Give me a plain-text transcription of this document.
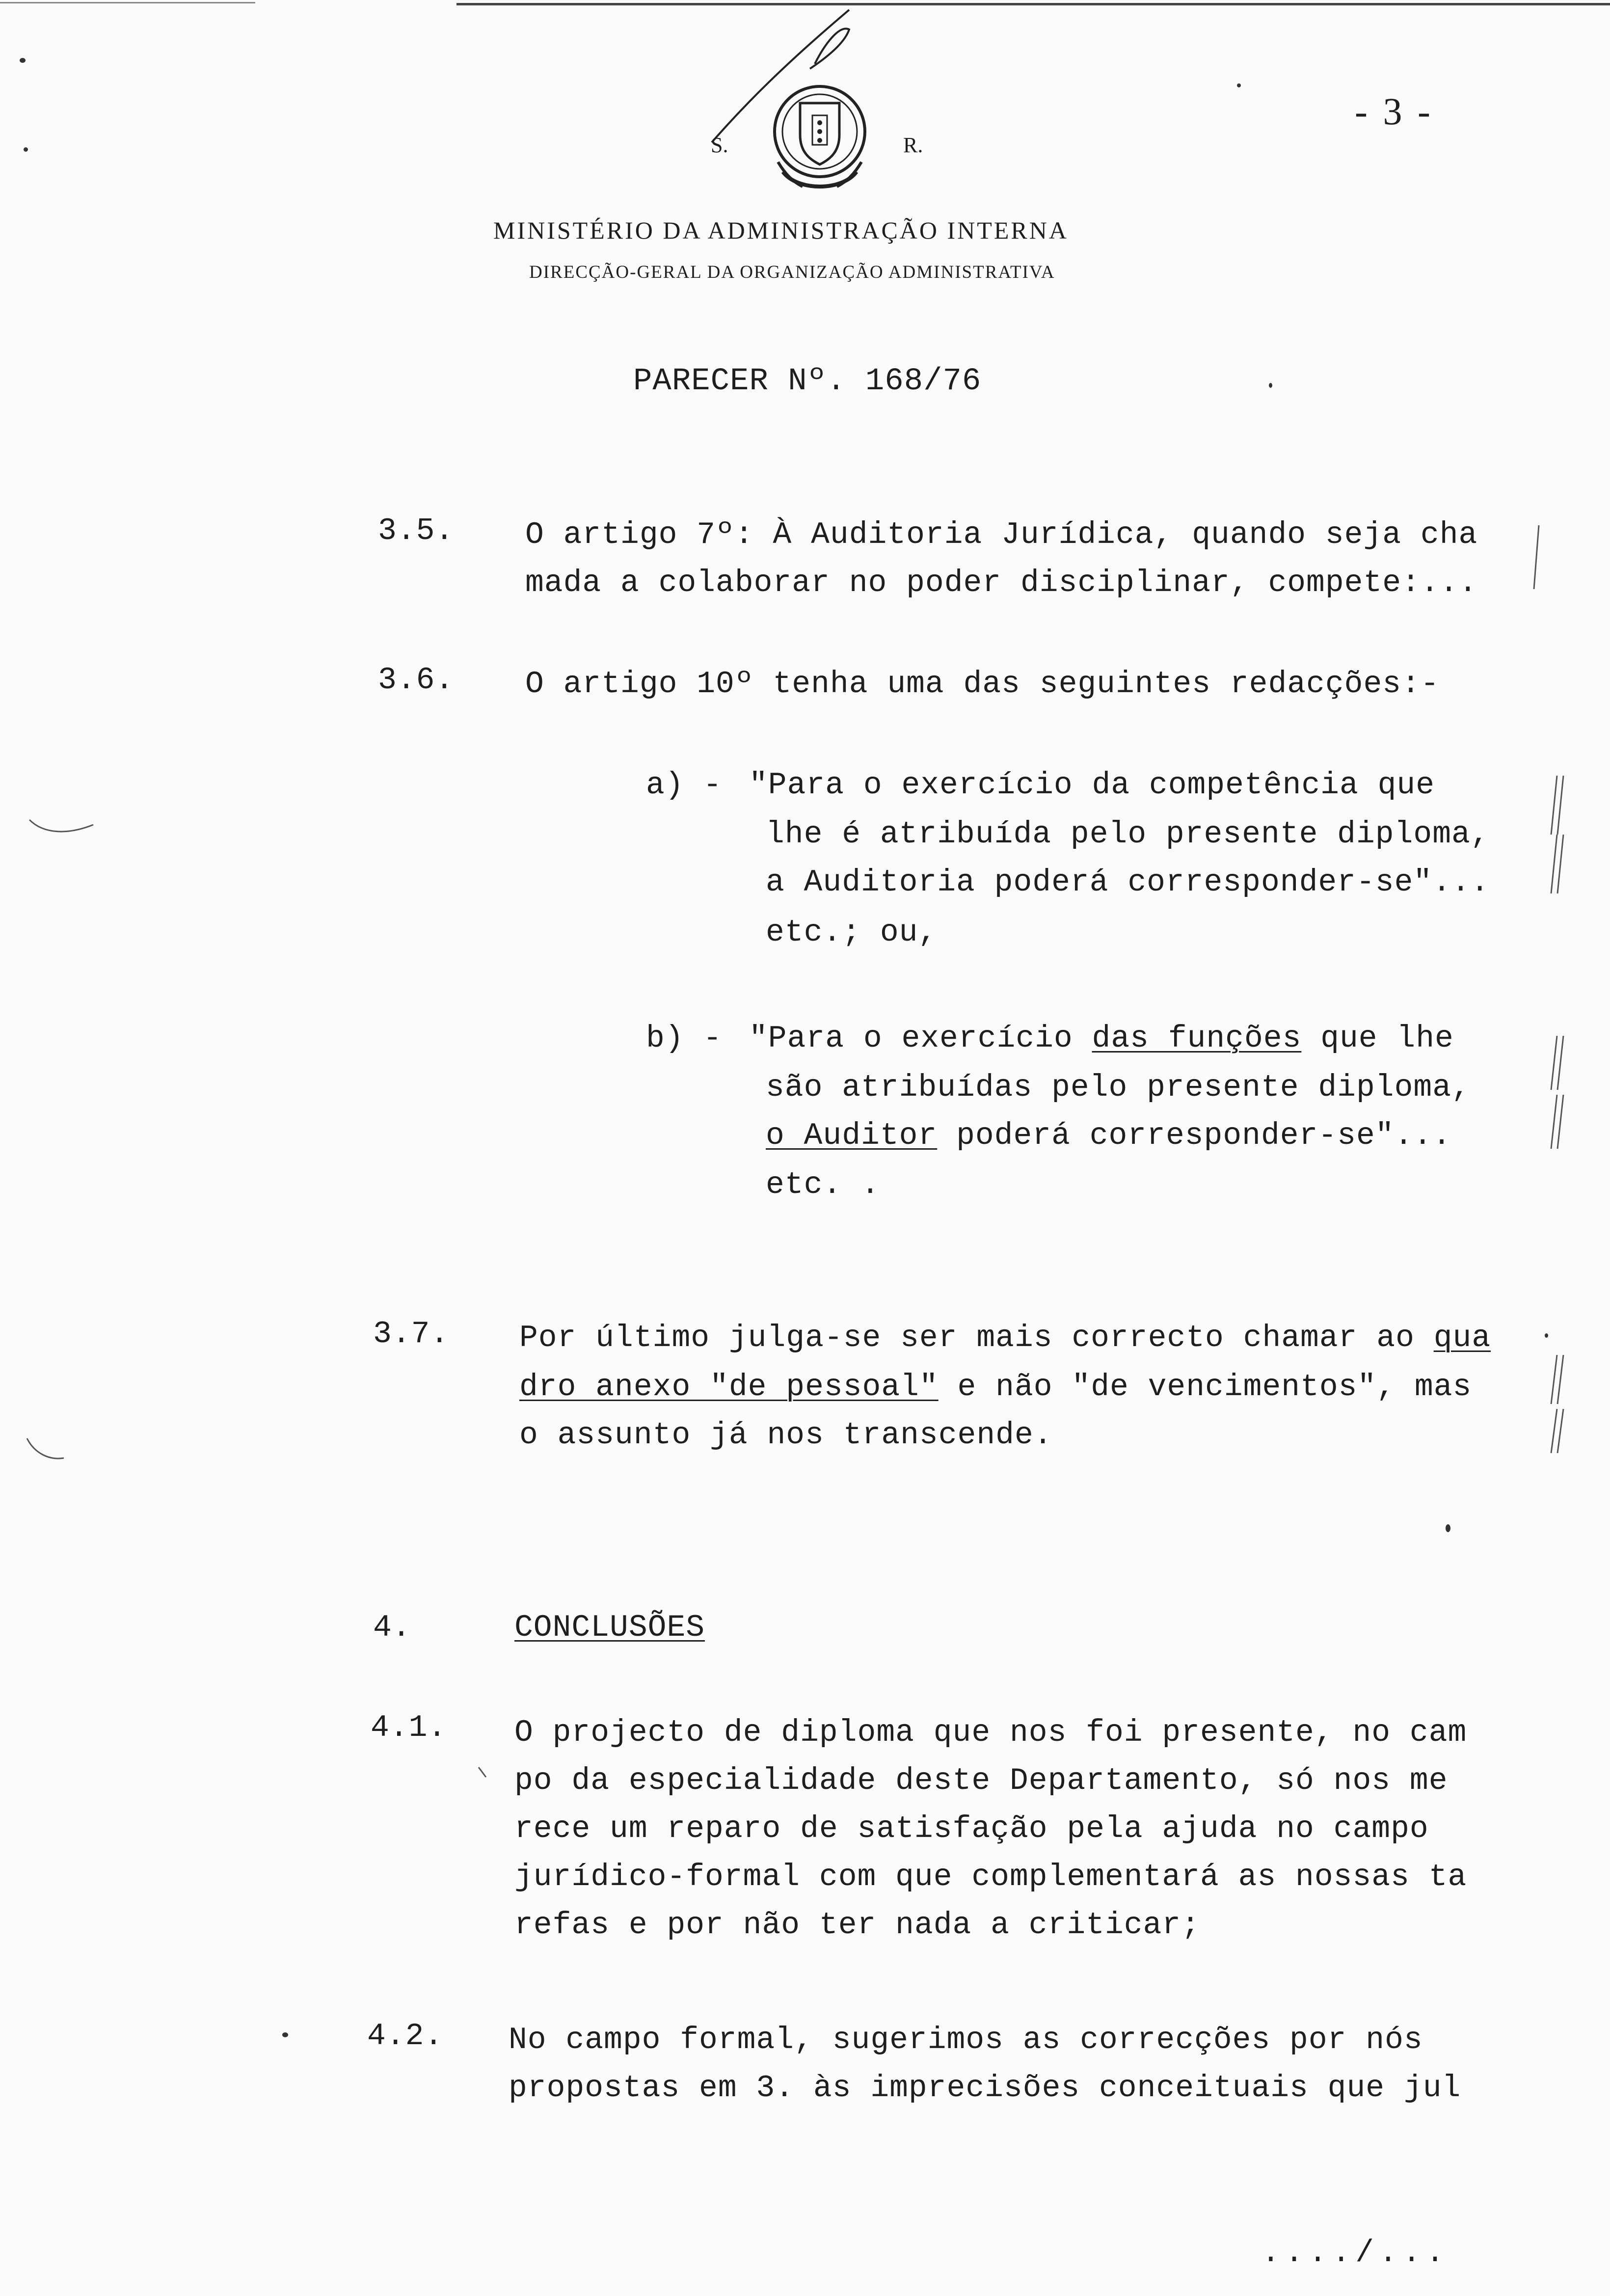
S.	R.
- 3 -
MINISTÉRIO DA ADMINISTRAÇÃO INTERNA
DIRECÇÃO-GERAL DA ORGANIZAÇÃO ADMINISTRATIVA
PARECER Nº. 168/76
3.5. O artigo 7º: À Auditoria Jurídica, quando seja cha
mada a colaborar no poder disciplinar, compete:...
3.6. O artigo 10º tenha uma das seguintes redacções:-
a) - "Para o exercício da competência que
lhe é atribuída pelo presente diploma,
a Auditoria poderá corresponder-se"...
etc.; ou,
b) - "Para o exercício das funções que lhe
são atribuídas pelo presente diploma,
o Auditor poderá corresponder-se"...
etc. .
3.7. Por último julga-se ser mais correcto chamar ao qua
dro anexo "de pessoal" e não "de vencimentos", mas
o assunto já nos transcende.
4.	CONCLUSÕES
4.1. O projecto de diploma que nos foi presente, no cam
po da especialidade deste Departamento, só nos me
rece um reparo de satisfação pela ajuda no campo
jurídico-formal com que complementará as nossas ta
refas e por não ter nada a criticar;
4.2. No campo formal, sugerimos as correcções por nós
propostas em 3. às imprecisões conceituais que jul
..../...
